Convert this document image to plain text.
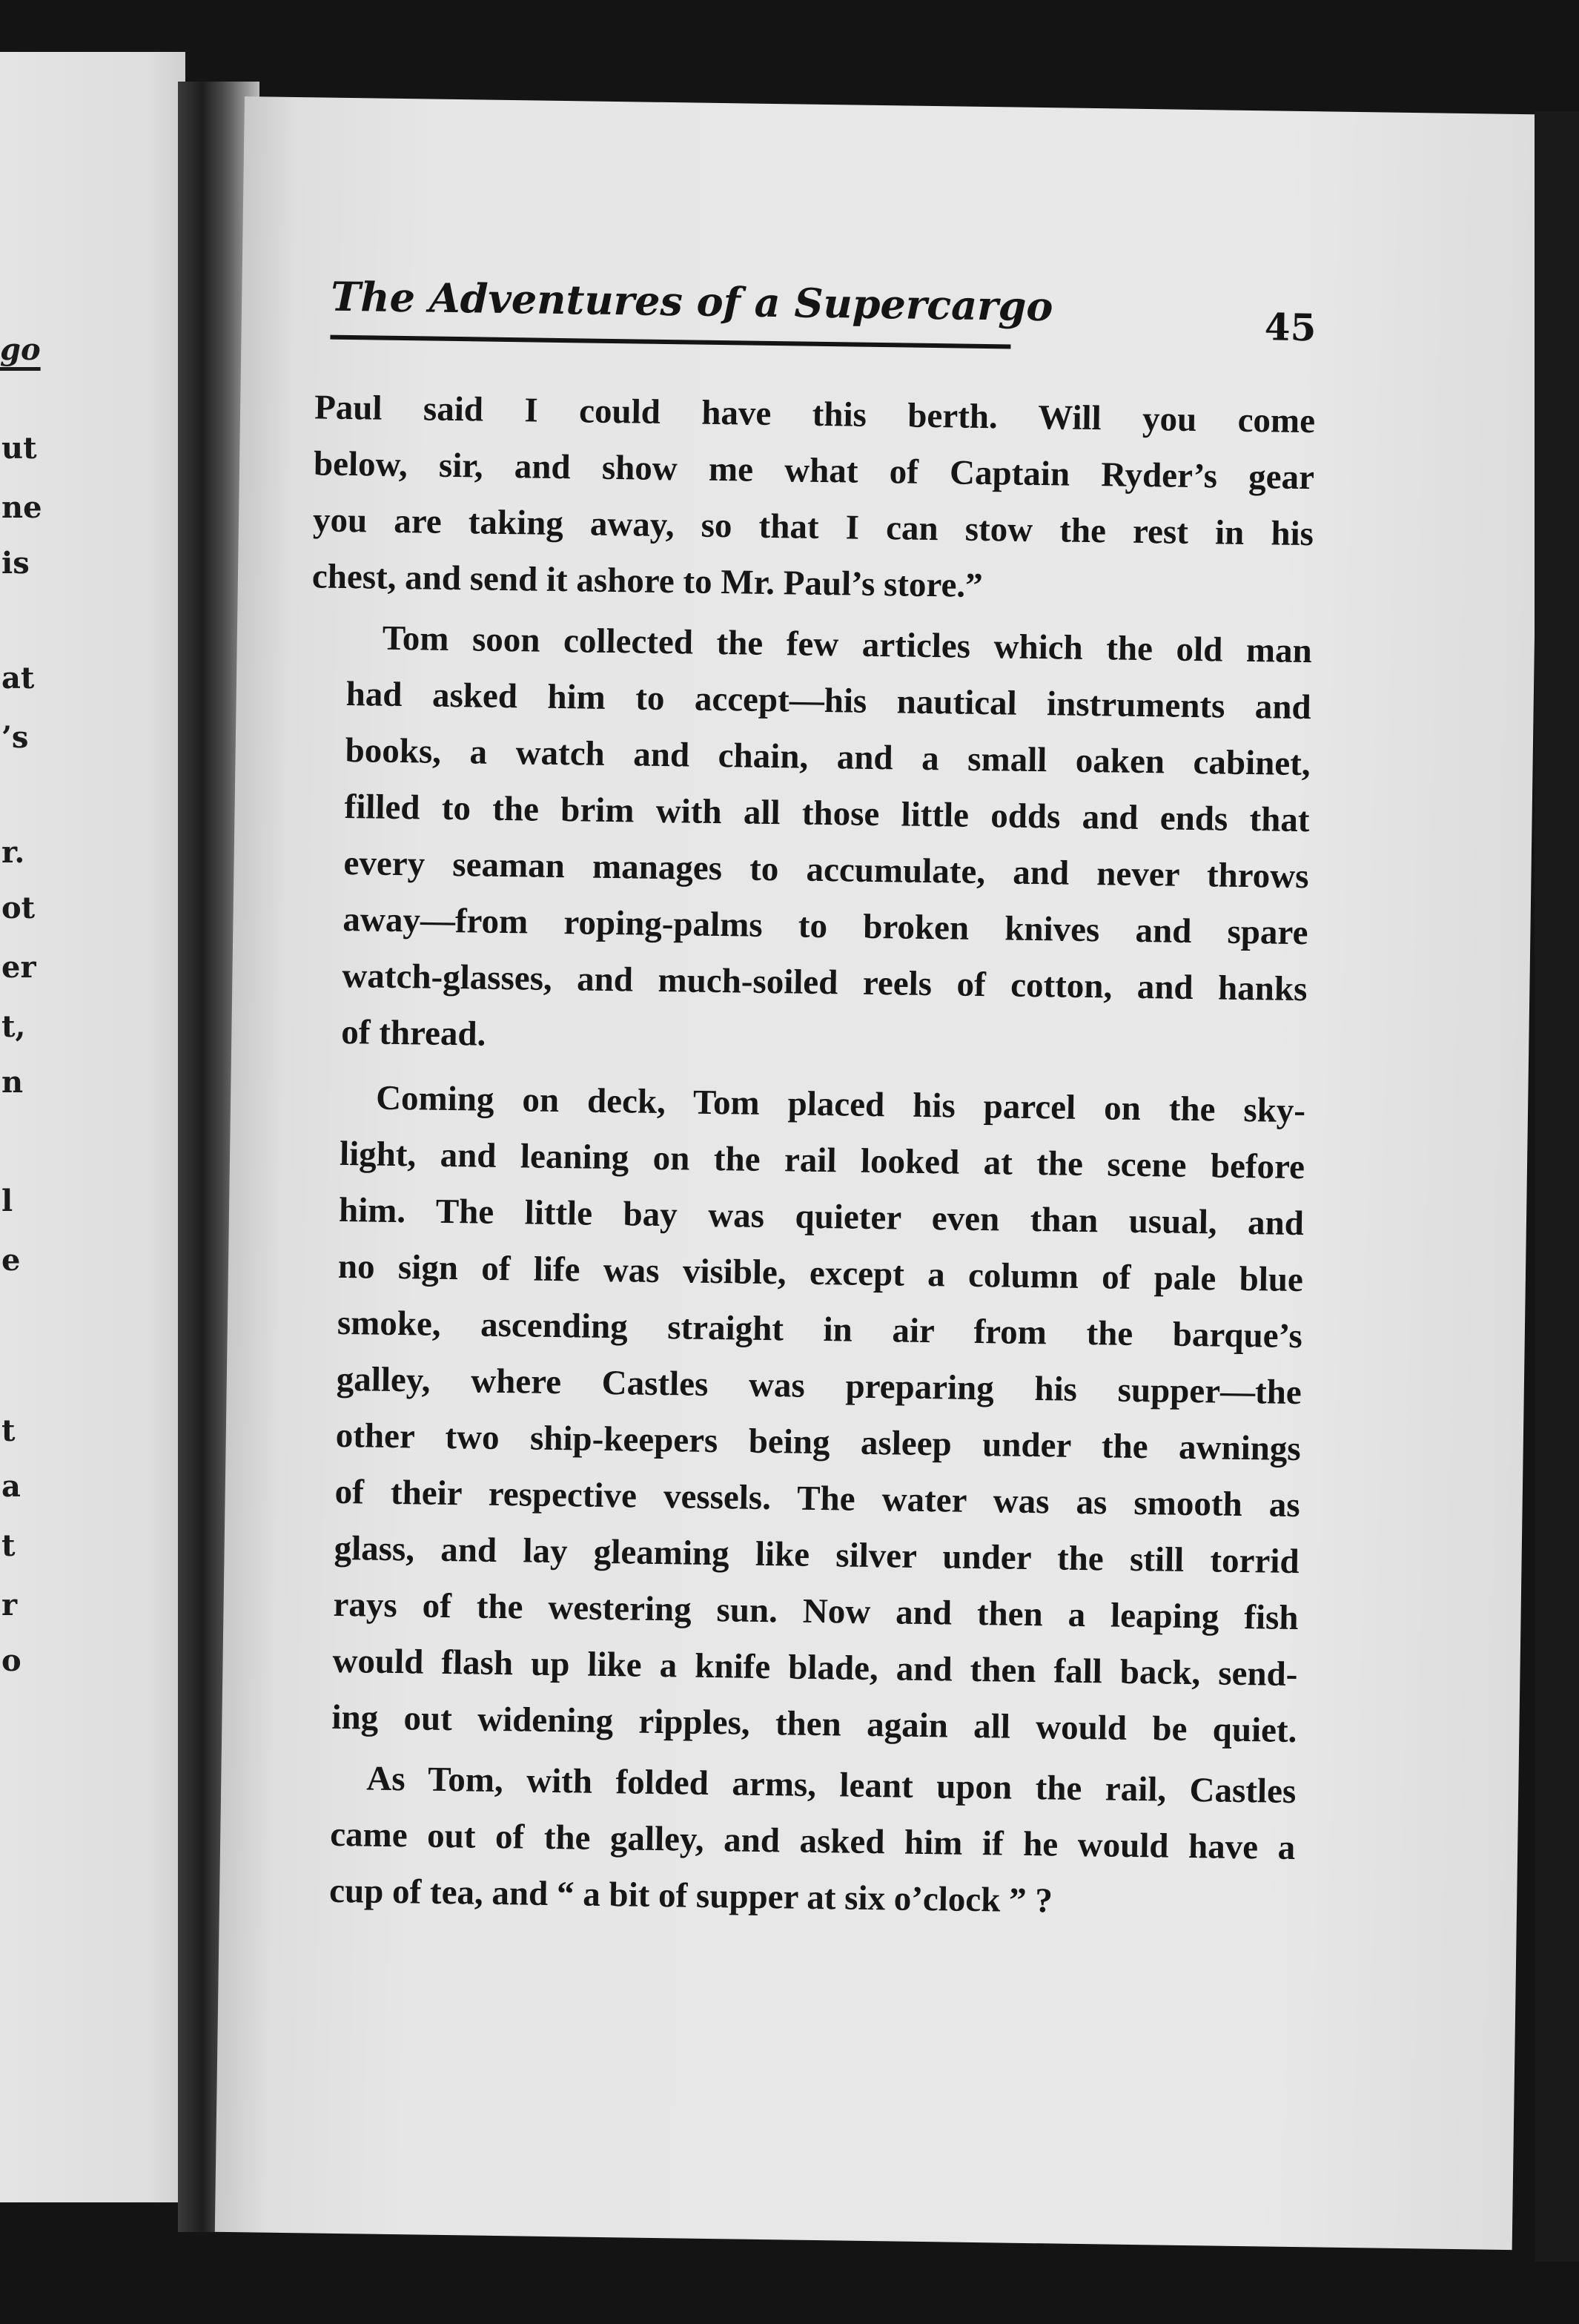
go
ut
ne
is
at
’s
r.
ot
er
t,
n
l
e
t
a
t
r
o
The Adventures of a Supercargo	45
Paul said I could have this berth. Will you come
below, sir, and show me what of Captain Ryder’s gear
you are taking away, so that I can stow the rest in his
chest, and send it ashore to Mr. Paul’s store.”
Tom soon collected the few articles which the old man
had asked him to accept—his nautical instruments and
books, a watch and chain, and a small oaken cabinet,
filled to the brim with all those little odds and ends that
every seaman manages to accumulate, and never throws
away—from roping-palms to broken knives and spare
watch-glasses, and much-soiled reels of cotton, and hanks
of thread.
Coming on deck, Tom placed his parcel on the sky-
light, and leaning on the rail looked at the scene before
him. The little bay was quieter even than usual, and
no sign of life was visible, except a column of pale blue
smoke, ascending straight in air from the barque’s
galley, where Castles was preparing his supper—the
other two ship-keepers being asleep under the awnings
of their respective vessels. The water was as smooth as
glass, and lay gleaming like silver under the still torrid
rays of the westering sun. Now and then a leaping fish
would flash up like a knife blade, and then fall back, send-
ing out widening ripples, then again all would be quiet.
As Tom, with folded arms, leant upon the rail, Castles
came out of the galley, and asked him if he would have a
cup of tea, and “ a bit of supper at six o’clock ” ?
